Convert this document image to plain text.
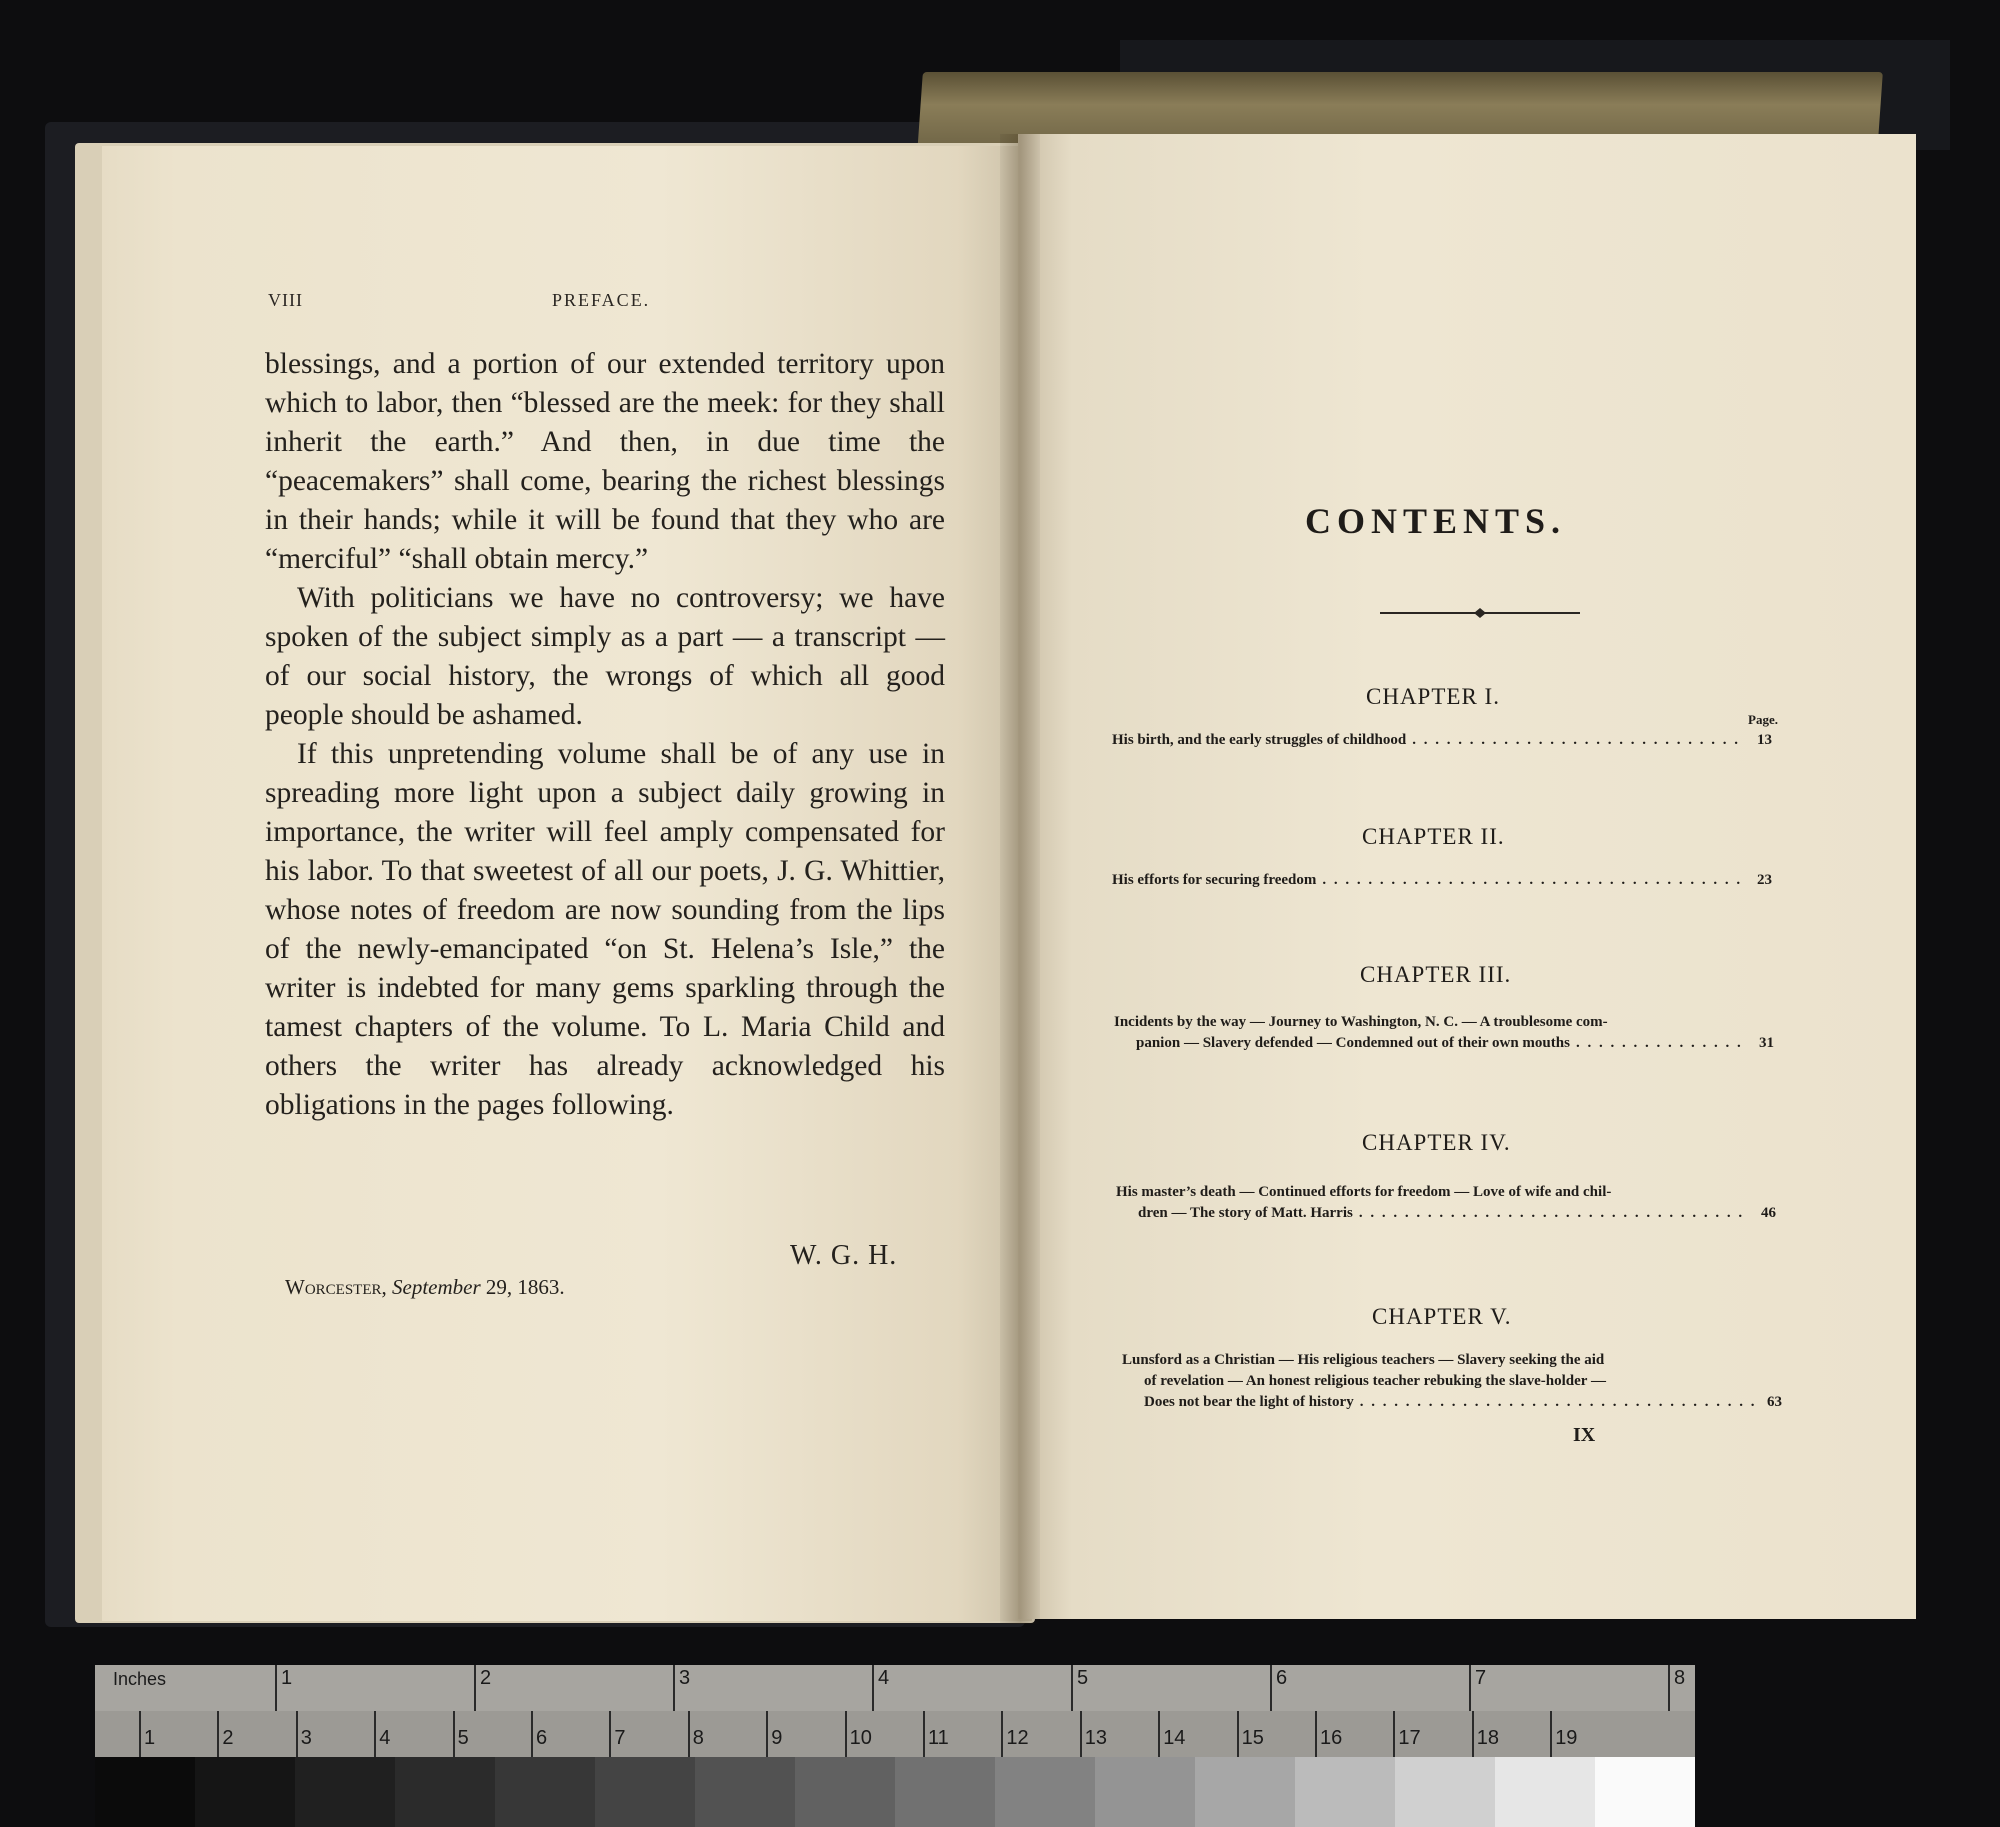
VIII	PREFACE.

blessings, and a portion of our extended territory upon which to labor, then “blessed are the meek: for they shall inherit the earth.” And then, in due time the “peacemakers” shall come, bearing the richest blessings in their hands; while it will be found that they who are “merciful” “shall obtain mercy.”

With politicians we have no controversy; we have spoken of the subject simply as a part — a transcript — of our social history, the wrongs of which all good people should be ashamed.

If this unpretending volume shall be of any use in spreading more light upon a subject daily growing in importance, the writer will feel amply compensated for his labor. To that sweetest of all our poets, J. G. Whittier, whose notes of freedom are now sounding from the lips of the newly-emancipated “on St. Helena’s Isle,” the writer is indebted for many gems sparkling through the tamest chapters of the volume. To L. Maria Child and others the writer has already acknowledged his obligations in the pages following.

W. G. H.
Worcester, September 29, 1863.
CONTENTS.
Page.
CHAPTER I.
His birth, and the early struggles of childhood . . .	13
CHAPTER II.
His efforts for securing freedom . . .	23
CHAPTER III.
Incidents by the way — Journey to Washington, N. C. — A troublesome com-
panion — Slavery defended — Condemned out of their own mouths . . .	31
CHAPTER IV.
His master’s death — Continued efforts for freedom — Love of wife and chil-
dren — The story of Matt. Harris . . .	46
CHAPTER V.
Lunsford as a Christian — His religious teachers — Slavery seeking the aid
of revelation — An honest religious teacher rebuking the slave-holder —
Does not bear the light of history . . .	63
IX
Inches	1	2	3	4	5	6	7	8
1	2	3	4	5	6	7	8	9	10	11	12	13	14	15	16	17	18	19
